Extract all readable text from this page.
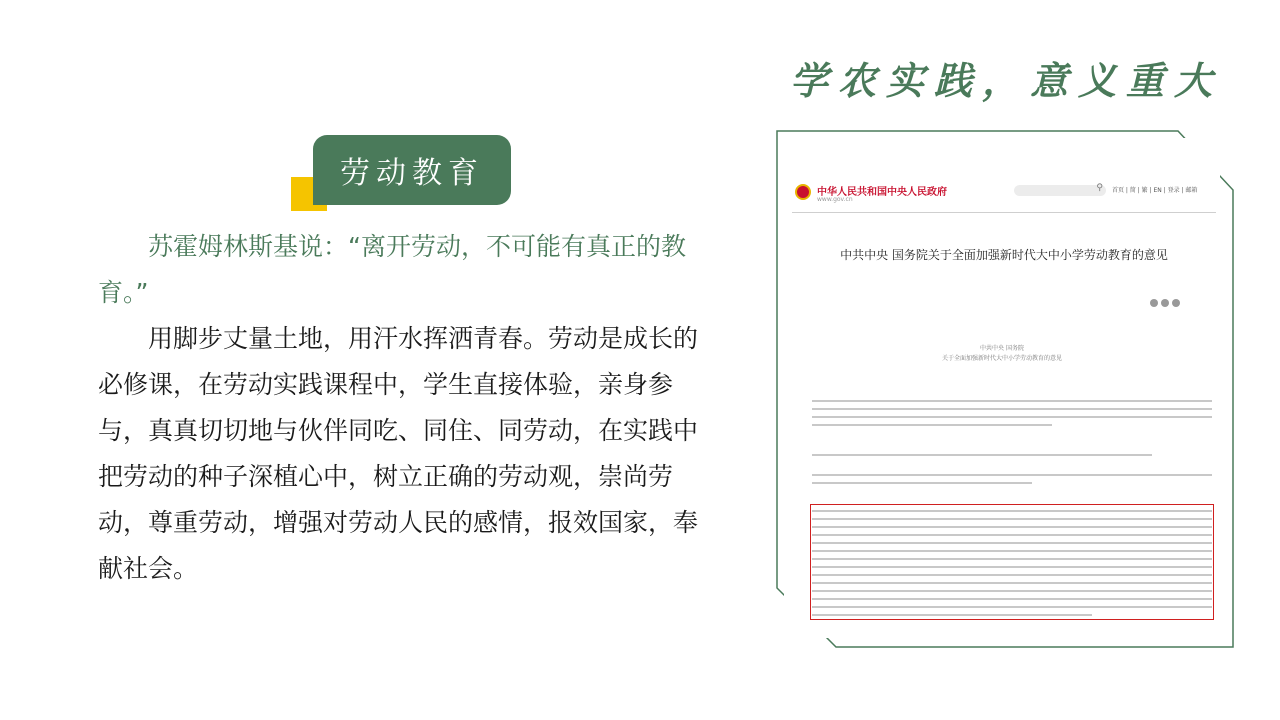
学农实践，意义重大
劳动教育

苏霍姆林斯基说：“离开劳动，不可能有真正的教育。”

用脚步丈量土地，用汗水挥洒青春。劳动是成长的必修课，在劳动实践课程中，学生直接体验，亲身参与，真真切切地与伙伴同吃、同住、同劳动，在实践中把劳动的种子深植心中，树立正确的劳动观，崇尚劳动，尊重劳动，增强对劳动人民的感情，报效国家，奉献社会。

中华人民共和国中央人民政府
www.gov.cn
⚲ 首页 | 简 | 繁 | EN | 登录 | 邮箱
中共中央 国务院关于全面加强新时代大中小学劳动教育的意见
中共中央 国务院
关于全面加强新时代大中小学劳动教育的意见
